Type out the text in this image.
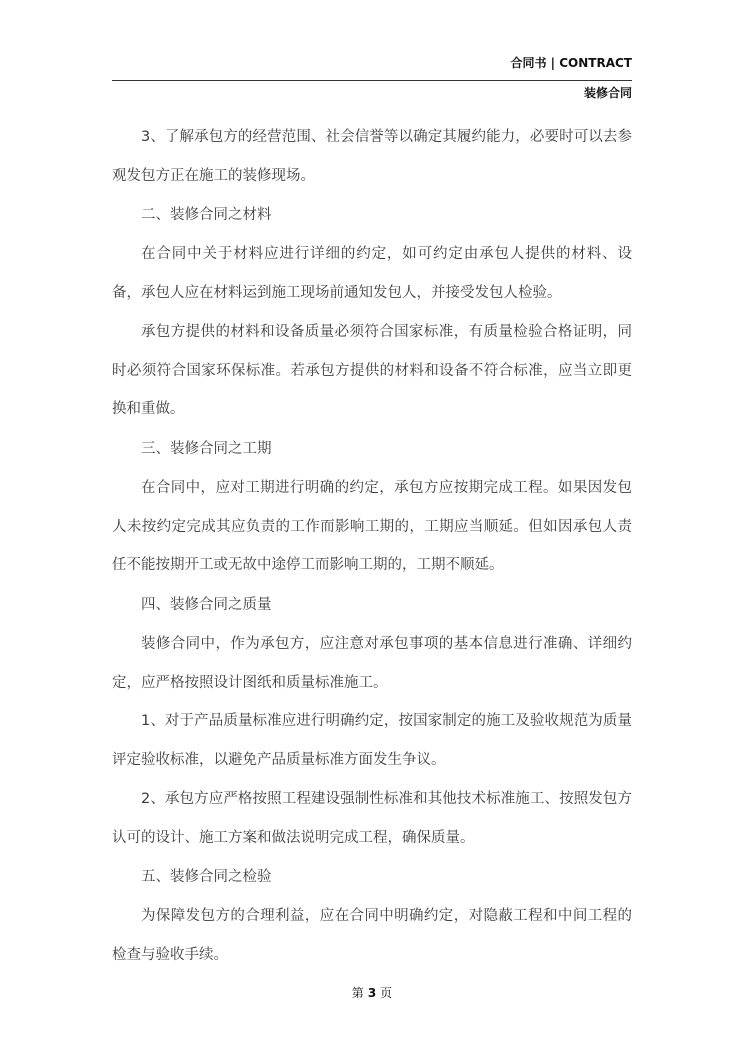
合同书 | CONTRACT
装修合同

3、了解承包方的经营范围、社会信誉等以确定其履约能力，必要时可以去参观发包方正在施工的装修现场。

二、装修合同之材料

在合同中关于材料应进行详细的约定，如可约定由承包人提供的材料、设备，承包人应在材料运到施工现场前通知发包人，并接受发包人检验。

承包方提供的材料和设备质量必须符合国家标准，有质量检验合格证明，同时必须符合国家环保标准。若承包方提供的材料和设备不符合标准，应当立即更换和重做。

三、装修合同之工期

在合同中，应对工期进行明确的约定，承包方应按期完成工程。如果因发包人未按约定完成其应负责的工作而影响工期的，工期应当顺延。但如因承包人责任不能按期开工或无故中途停工而影响工期的，工期不顺延。

四、装修合同之质量

装修合同中，作为承包方，应注意对承包事项的基本信息进行准确、详细约定，应严格按照设计图纸和质量标准施工。

1、对于产品质量标准应进行明确约定，按国家制定的施工及验收规范为质量评定验收标准，以避免产品质量标准方面发生争议。

2、承包方应严格按照工程建设强制性标准和其他技术标准施工、按照发包方认可的设计、施工方案和做法说明完成工程，确保质量。

五、装修合同之检验

为保障发包方的合理利益，应在合同中明确约定，对隐蔽工程和中间工程的检查与验收手续。

第 3 页
